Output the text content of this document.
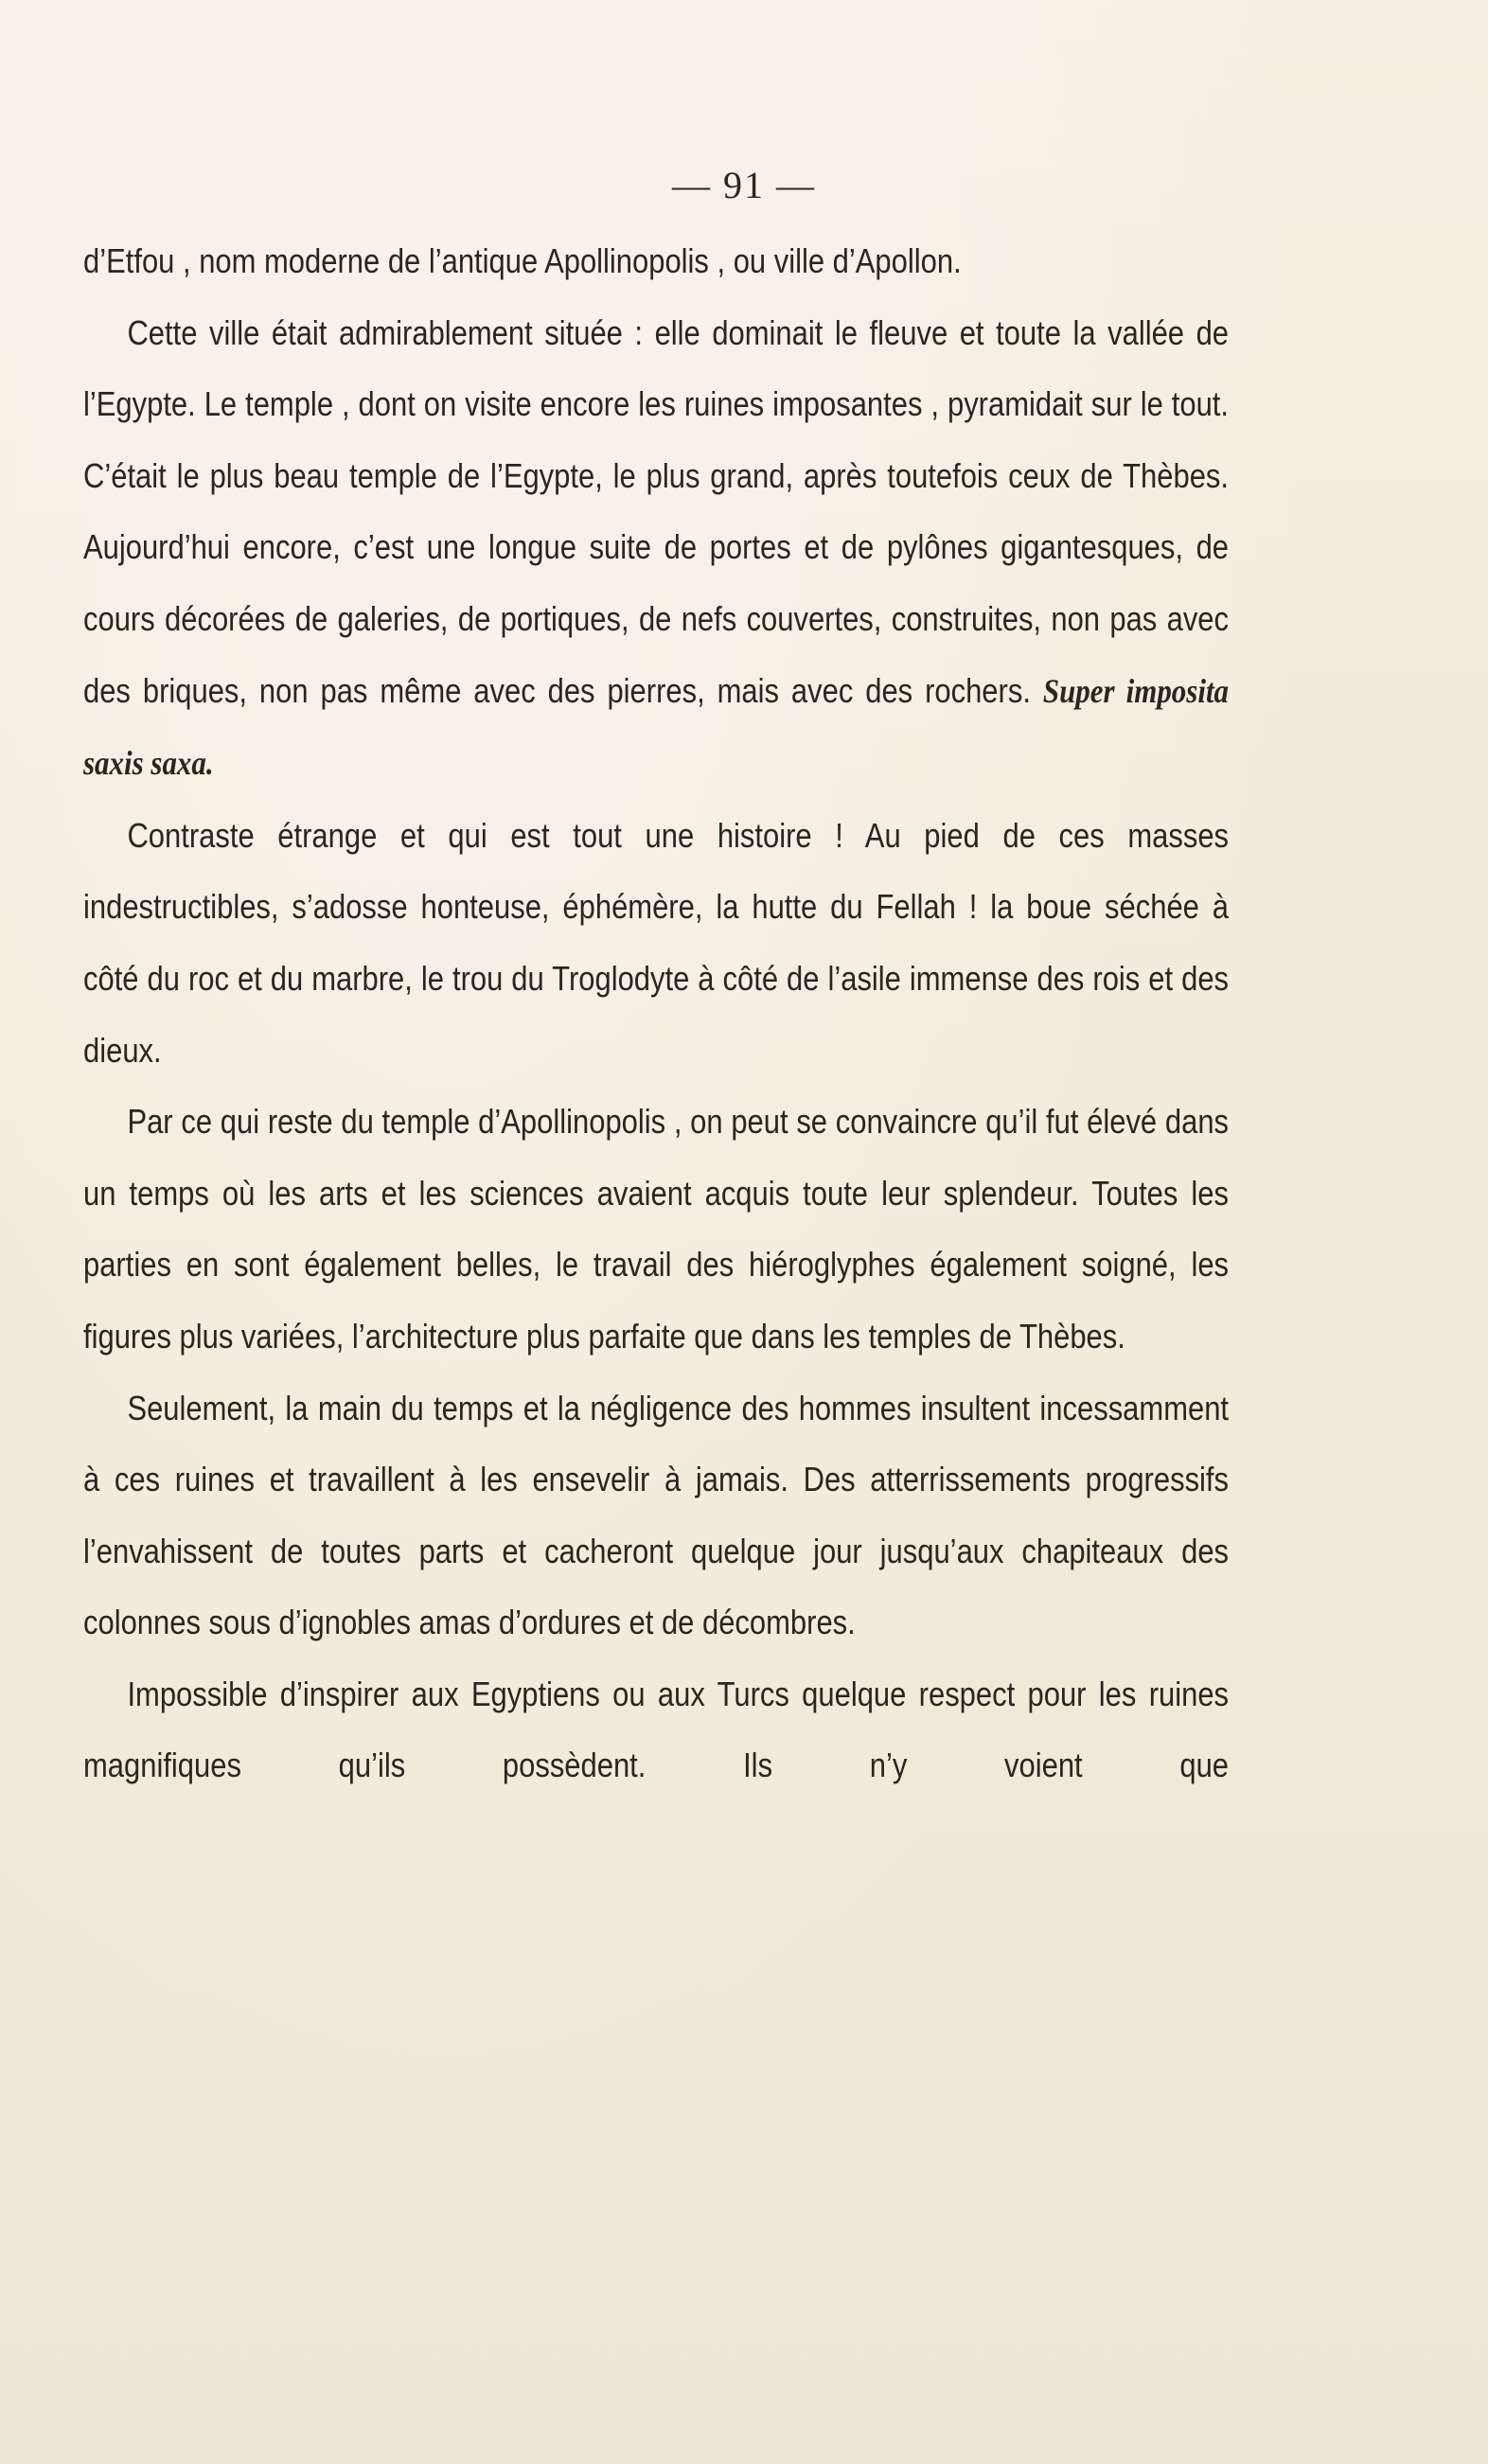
— 91 —

d’Etfou , nom moderne de l’antique Apollinopolis , ou ville d’Apollon.

Cette ville était admirablement située : elle dominait le fleuve et toute la vallée de l’Egypte. Le temple , dont on visite encore les ruines imposantes , pyramidait sur le tout. C’était le plus beau temple de l’Egypte, le plus grand, après toutefois ceux de Thèbes. Aujourd’hui encore, c’est une longue suite de portes et de pylônes gigantesques, de cours décorées de galeries, de portiques, de nefs couvertes, construites, non pas avec des briques, non pas même avec des pierres, mais avec des rochers. Super imposita saxis saxa.

Contraste étrange et qui est tout une histoire ! Au pied de ces masses indestructibles, s’adosse honteuse, éphémère, la hutte du Fellah ! la boue séchée à côté du roc et du marbre, le trou du Troglodyte à côté de l’asile immense des rois et des dieux.

Par ce qui reste du temple d’Apollinopolis , on peut se convaincre qu’il fut élevé dans un temps où les arts et les sciences avaient acquis toute leur splendeur. Toutes les parties en sont également belles, le travail des hiéroglyphes également soigné, les figures plus variées, l’architecture plus parfaite que dans les temples de Thèbes.

Seulement, la main du temps et la négligence des hommes insultent incessamment à ces ruines et travaillent à les ensevelir à jamais. Des atterrissements progressifs l’envahissent de toutes parts et cacheront quelque jour jusqu’aux chapiteaux des colonnes sous d’ignobles amas d’ordures et de décombres.

Impossible d’inspirer aux Egyptiens ou aux Turcs quelque respect pour les ruines magnifiques qu’ils possèdent. Ils n’y voient que
